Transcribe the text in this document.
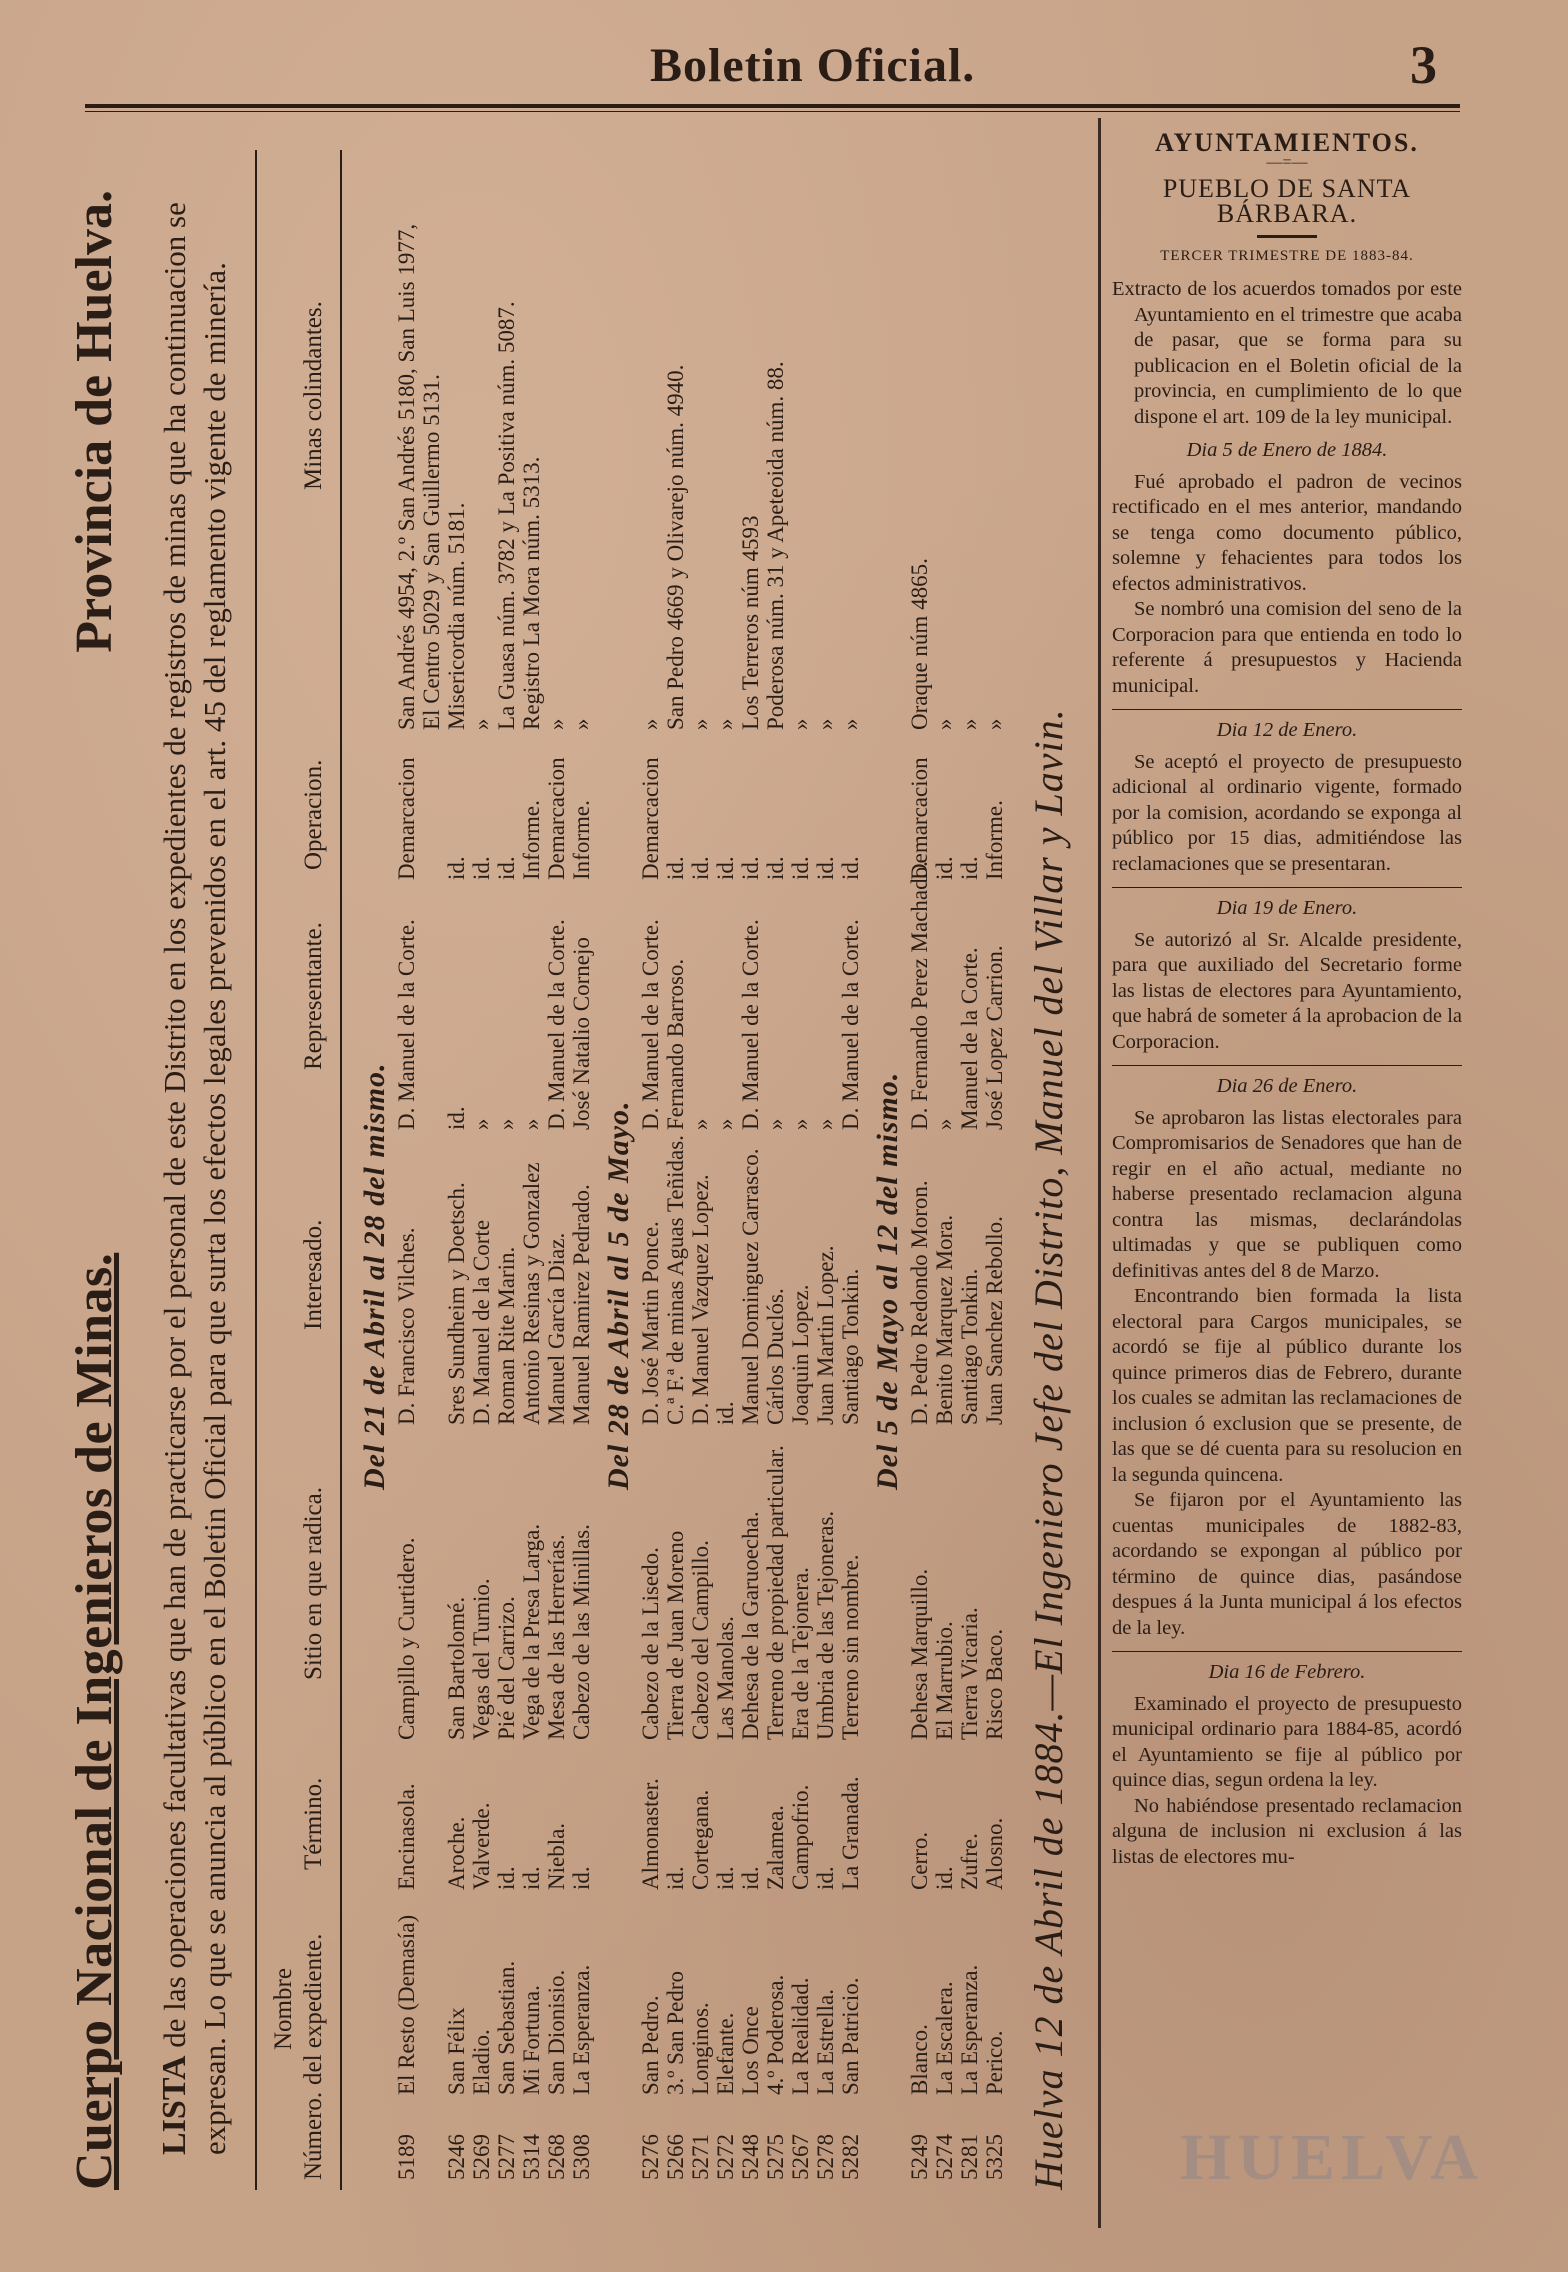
Boletin Oficial.	3
Cuerpo Nacional de Ingenieros de Minas.
Provincia de Huelva.
LISTA de las operaciones facultativas que han de practicarse por el personal de este Distrito en los expedientes de registros de minas que ha continuacion se expresan. Lo que se anuncia al público en el Boletin Oficial para que surta los efectos legales prevenidos en el art. 45 del reglamento vigente de minería.	Número.
Nombre del expediente.
Término.
Sitio en que radica.
Interesado.
Representante.
Operacion.
Minas colindantes.
Del 21 de Abril al 28 del mismo.
5189
El Resto (Demasía)
Encinasola.
Campillo y Curtidero.
D. Francisco Vilches.
D. Manuel de la Corte.
Demarcacion
San Andrés 4954, 2.º San Andrés 5180, San Luis 1977, El Centro 5029 y San Guillermo 5131.
5246
San Félix
Aroche.
San Bartolomé.
Sres Sundheim y Doetsch.
id.
id.
Misericordia núm. 5181.
5269
Eladio.
Valverde.
Vegas del Turnio.
D. Manuel de la Corte
»
id.
»
5277
San Sebastian.
id.
Pié del Carrizo.
Roman Rite Marin.
»
id.
La Guasa núm. 3782 y La Positiva núm. 5087.
5314
Mi Fortuna.
id.
Vega de la Presa Larga.
Antonio Resinas y Gonzalez
»
Informe.
Registro La Mora núm. 5313.
5268
San Dionisio.
Niebla.
Mesa de las Herrerías.
Manuel García Diaz.
D. Manuel de la Corte.
Demarcacion
»
5308
La Esperanza.
id.
Cabezo de las Minillas.
Manuel Ramirez Pedrado.
José Natalio Cornejo
Informe.
»
Del 28 de Abril al 5 de Mayo.
5276
San Pedro.
Almonaster.
Cabezo de la Lisedo.
D. José Martin Ponce.
D. Manuel de la Corte.
Demarcacion
»
5266
3.º San Pedro
id.
Tierra de Juan Moreno
C.ª F.ª de minas Aguas Teñidas.
Fernando Barroso.
id.
San Pedro 4669 y Olivarejo núm. 4940.
5271
Longinos.
Cortegana.
Cabezo del Campillo.
D. Manuel Vazquez Lopez.
»
id.
»
5272
Elefante.
id.
Las Manolas.
id.
»
id.
»
5248
Los Once
id.
Dehesa de la Garuoecha.
Manuel Dominguez Carrasco.
D. Manuel de la Corte.
id.
Los Terreros núm 4593
5275
4.º Poderosa.
Zalamea.
Terreno de propiedad particular.
Cárlos Duclós.
»
id.
Poderosa núm. 31 y Apeteoida núm. 88.
5267
La Realidad.
Campofrio.
Era de la Tejonera.
Joaquin Lopez.
»
id.
»
5278
La Estrella.
id.
Umbria de las Tejoneras.
Juan Martin Lopez.
»
id.
»
5282
San Patricio.
La Granada.
Terreno sin nombre.
Santiago Tonkin.
D. Manuel de la Corte.
id.
»
Del 5 de Mayo al 12 del mismo.
5249
Blanco.
Cerro.
Dehesa Marquillo.
D. Pedro Redondo Moron.
D. Fernando Perez Machado.
Demarcacion
Oraque núm 4865.
5274
La Escalera.
id.
El Marrubio.
Benito Marquez Mora.
»
id.
»
5281
La Esperanza.
Zufre.
Tierra Vicaria.
Santiago Tonkin.
Manuel de la Corte.
id.
»
5325
Perico.
Alosno.
Risco Baco.
Juan Sanchez Rebollo.
José Lopez Carrion.
Informe.
» Huelva 12 de Abril de 1884.—El Ingeniero Jefe del Distrito, Manuel del Villar y Lavin.
AYUNTAMIENTOS.
—=—
PUEBLO DE SANTA BÁRBARA.
TERCER TRIMESTRE DE 1883-84.

Extracto de los acuerdos tomados por este Ayuntamiento en el trimestre que acaba de pasar, que se forma para su publicacion en el Boletin oficial de la provincia, en cumplimiento de lo que dispone el art. 109 de la ley municipal.

Dia 5 de Enero de 1884.

Fué aprobado el padron de vecinos rectificado en el mes anterior, mandando se tenga como documento público, solemne y fehacientes para todos los efectos administrativos.

Se nombró una comision del seno de la Corporacion para que entienda en todo lo referente á presupuestos y Hacienda municipal.

Dia 12 de Enero.

Se aceptó el proyecto de presupuesto adicional al ordinario vigente, formado por la comision, acordando se exponga al público por 15 dias, admitiéndose las reclamaciones que se presentaran.

Dia 19 de Enero.

Se autorizó al Sr. Alcalde presidente, para que auxiliado del Secretario forme las listas de electores para Ayuntamiento, que habrá de someter á la aprobacion de la Corporacion.

Dia 26 de Enero.

Se aprobaron las listas electorales para Compromisarios de Senadores que han de regir en el año actual, mediante no haberse presentado reclamacion alguna contra las mismas, declarándolas ultimadas y que se publiquen como definitivas antes del 8 de Marzo.

Encontrando bien formada la lista electoral para Cargos municipales, se acordó se fije al público durante los quince primeros dias de Febrero, durante los cuales se admitan las reclamaciones de inclusion ó exclusion que se presente, de las que se dé cuenta para su resolucion en la segunda quincena.

Se fijaron por el Ayuntamiento las cuentas municipales de 1882-83, acordando se expongan al público por término de quince dias, pasándose despues á la Junta municipal á los efectos de la ley.

Dia 16 de Febrero.

Examinado el proyecto de presupuesto municipal ordinario para 1884-85, acordó el Ayuntamiento se fije al público por quince dias, segun ordena la ley.

No habiéndose presentado reclamacion alguna de inclusion ni exclusion á las listas de electores mu-

HUELVA
